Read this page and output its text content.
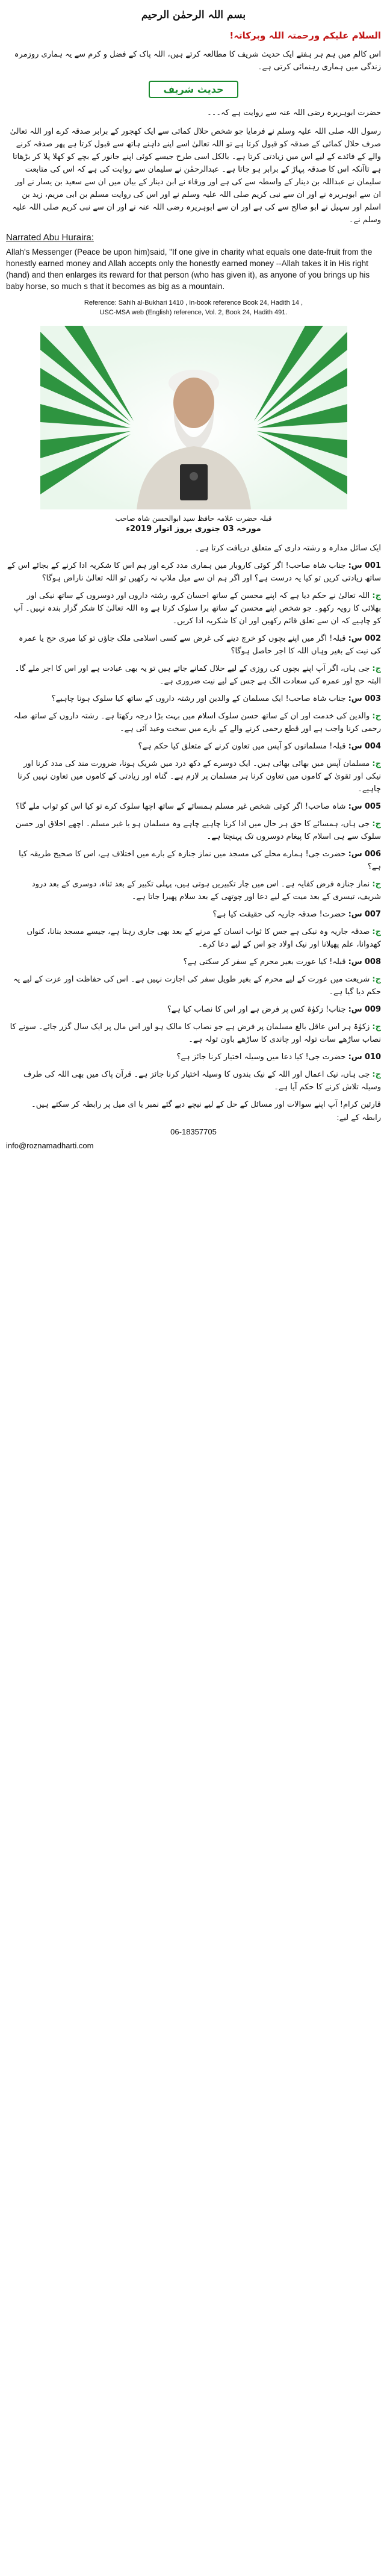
بسم اللہ الرحمٰن الرحیم
السلام علیکم ورحمتہ اللہ وبرکاتہ!

اس کالم میں ہم ہر ہفتے ایک حدیث شریف کا مطالعہ کرتے ہیں، اللہ پاک کے فضل و کرم سے یہ ہماری روزمرہ زندگی میں ہماری رہنمائی کرتی ہے۔

حدیث شریف

حضرت ابوہریرہ رضی اللہ عنہ سے روایت ہے کہ۔۔۔

رسول اللہ صلی اللہ علیہ وسلم نے فرمایا جو شخص حلال کمائی سے ایک کھجور کے برابر صدقہ کرے اور اللہ تعالیٰ صرف حلال کمائی کے صدقہ کو قبول کرتا ہے تو اللہ تعالیٰ اسے اپنے داہنے ہاتھ سے قبول کرتا ہے پھر صدقہ کرنے والے کے فائدے کے لیے اس میں زیادتی کرتا ہے۔ بالکل اسی طرح جیسے کوئی اپنے جانور کے بچے کو کھلا پلا کر بڑھاتا ہے تاآنکہ اس کا صدقہ پہاڑ کے برابر ہو جاتا ہے۔ عبدالرحمٰن نے سلیمان سے روایت کی ہے کہ اس کی متابعت سلیمان نے عبداللہ بن دینار کے واسطہ سے کی ہے اور ورقاء نے ابن دینار کے بیان میں ان سے سعید بن یسار نے اور ان سے ابوہریرہ نے اور ان سے نبی کریم صلی اللہ علیہ وسلم نے اور اس کی روایت مسلم بن ابی مریم، زید بن اسلم اور سہیل نے ابو صالح سے کی ہے اور ان سے ابوہریرہ رضی اللہ عنہ نے اور ان سے نبی کریم صلی اللہ علیہ وسلم نے۔

Narrated Abu Huraira:

Allah's Messenger (Peace be upon him)said, "If one give in charity what equals one date-fruit from the honestly earned money and Allah accepts only the honestly earned money --Allah takes it in His right (hand) and then enlarges its reward for that person (who has given it), as anyone of you brings up his baby horse, so much s that it becomes as big as a mountain.

Reference: Sahih al-Bukhari 1410 , In-book reference Book 24, Hadith 14 ,
USC-MSA web (English) reference, Vol. 2, Book 24, Hadith 491.
قبلہ حضرت علامہ حافظ سید ابوالحسن شاہ صاحب
مورخہ 03 جنوری بروز اتوار 2019ء

ایک سائل مدارہ و رشتہ داری کے متعلق دریافت کرتا ہے۔

001 س: جناب شاہ صاحب! اگر کوئی کاروبار میں ہماری مدد کرے اور ہم اس کا شکریہ ادا کرنے کے بجائے اس کے ساتھ زیادتی کریں تو کیا یہ درست ہے؟ اور اگر ہم ان سے میل ملاپ نہ رکھیں تو اللہ تعالیٰ ناراض ہوگا؟

ج: اللہ تعالیٰ نے حکم دیا ہے کہ اپنے محسن کے ساتھ احسان کرو، رشتہ داروں اور دوسروں کے ساتھ نیکی اور بھلائی کا رویہ رکھو۔ جو شخص اپنے محسن کے ساتھ برا سلوک کرتا ہے وہ اللہ تعالیٰ کا شکر گزار بندہ نہیں۔ آپ کو چاہیے کہ ان سے تعلق قائم رکھیں اور ان کا شکریہ ادا کریں۔

002 س: قبلہ! اگر میں اپنے بچوں کو خرچ دینے کی غرض سے کسی اسلامی ملک جاؤں تو کیا میری حج یا عمرہ کی نیت کے بغیر وہاں اللہ کا اجر حاصل ہوگا؟

ج: جی ہاں، اگر آپ اپنے بچوں کی روزی کے لیے حلال کمانے جاتے ہیں تو یہ بھی عبادت ہے اور اس کا اجر ملے گا۔ البتہ حج اور عمرہ کی سعادت الگ ہے جس کے لیے نیت ضروری ہے۔

003 س: جناب شاہ صاحب! ایک مسلمان کے والدین اور رشتہ داروں کے ساتھ کیا سلوک ہونا چاہیے؟

ج: والدین کی خدمت اور ان کے ساتھ حسن سلوک اسلام میں بہت بڑا درجہ رکھتا ہے۔ رشتہ داروں کے ساتھ صلہ رحمی کرنا واجب ہے اور قطع رحمی کرنے والے کے بارے میں سخت وعید آئی ہے۔

004 س: قبلہ! مسلمانوں کو آپس میں تعاون کرنے کے متعلق کیا حکم ہے؟

ج: مسلمان آپس میں بھائی بھائی ہیں۔ ایک دوسرے کے دکھ درد میں شریک ہونا، ضرورت مند کی مدد کرنا اور نیکی اور تقویٰ کے کاموں میں تعاون کرنا ہر مسلمان پر لازم ہے۔ گناہ اور زیادتی کے کاموں میں تعاون نہیں کرنا چاہیے۔

005 س: شاہ صاحب! اگر کوئی شخص غیر مسلم ہمسائے کے ساتھ اچھا سلوک کرے تو کیا اس کو ثواب ملے گا؟

ج: جی ہاں، ہمسائے کا حق ہر حال میں ادا کرنا چاہیے چاہے وہ مسلمان ہو یا غیر مسلم۔ اچھے اخلاق اور حسن سلوک سے ہی اسلام کا پیغام دوسروں تک پہنچتا ہے۔

006 س: حضرت جی! ہمارے محلے کی مسجد میں نماز جنازہ کے بارے میں اختلاف ہے، اس کا صحیح طریقہ کیا ہے؟

ج: نماز جنازہ فرض کفایہ ہے۔ اس میں چار تکبیریں ہوتی ہیں، پہلی تکبیر کے بعد ثناء، دوسری کے بعد درود شریف، تیسری کے بعد میت کے لیے دعا اور چوتھی کے بعد سلام پھیرا جاتا ہے۔

007 س: حضرت! صدقہ جاریہ کی حقیقت کیا ہے؟

ج: صدقہ جاریہ وہ نیکی ہے جس کا ثواب انسان کے مرنے کے بعد بھی جاری رہتا ہے، جیسے مسجد بنانا، کنواں کھدوانا، علم پھیلانا اور نیک اولاد جو اس کے لیے دعا کرے۔

008 س: قبلہ! کیا عورت بغیر محرم کے سفر کر سکتی ہے؟

ج: شریعت میں عورت کے لیے محرم کے بغیر طویل سفر کی اجازت نہیں ہے۔ اس کی حفاظت اور عزت کے لیے یہ حکم دیا گیا ہے۔

009 س: جناب! زکوٰۃ کس پر فرض ہے اور اس کا نصاب کیا ہے؟

ج: زکوٰۃ ہر اس عاقل بالغ مسلمان پر فرض ہے جو نصاب کا مالک ہو اور اس مال پر ایک سال گزر جائے۔ سونے کا نصاب ساڑھے سات تولہ اور چاندی کا ساڑھے باون تولہ ہے۔

010 س: حضرت جی! کیا دعا میں وسیلہ اختیار کرنا جائز ہے؟

ج: جی ہاں، نیک اعمال اور اللہ کے نیک بندوں کا وسیلہ اختیار کرنا جائز ہے۔ قرآن پاک میں بھی اللہ کی طرف وسیلہ تلاش کرنے کا حکم آیا ہے۔

قارئین کرام! آپ اپنے سوالات اور مسائل کے حل کے لیے نیچے دیے گئے نمبر یا ای میل پر رابطہ کر سکتے ہیں۔
رابطہ کے لیے:
06-18357705
info@roznamadharti.com
